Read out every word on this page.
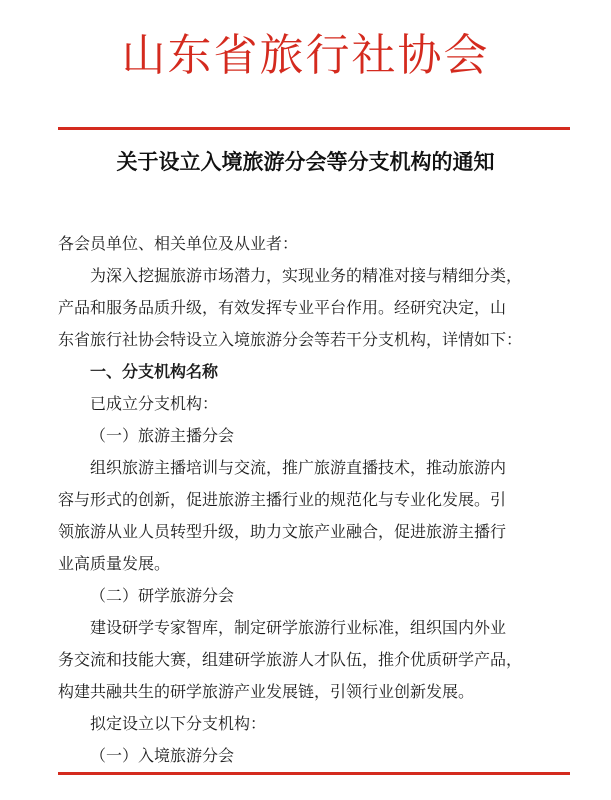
山东省旅行社协会
关于设立入境旅游分会等分支机构的通知
各会员单位、相关单位及从业者：
为深入挖掘旅游市场潜力，实现业务的精准对接与精细分类，
产品和服务品质升级，有效发挥专业平台作用。经研究决定，山
东省旅行社协会特设立入境旅游分会等若干分支机构，详情如下：
一、分支机构名称
已成立分支机构：
（一）旅游主播分会
组织旅游主播培训与交流，推广旅游直播技术，推动旅游内
容与形式的创新，促进旅游主播行业的规范化与专业化发展。引
领旅游从业人员转型升级，助力文旅产业融合，促进旅游主播行
业高质量发展。
（二）研学旅游分会
建设研学专家智库，制定研学旅游行业标准，组织国内外业
务交流和技能大赛，组建研学旅游人才队伍，推介优质研学产品，
构建共融共生的研学旅游产业发展链，引领行业创新发展。
拟定设立以下分支机构：
（一）入境旅游分会
